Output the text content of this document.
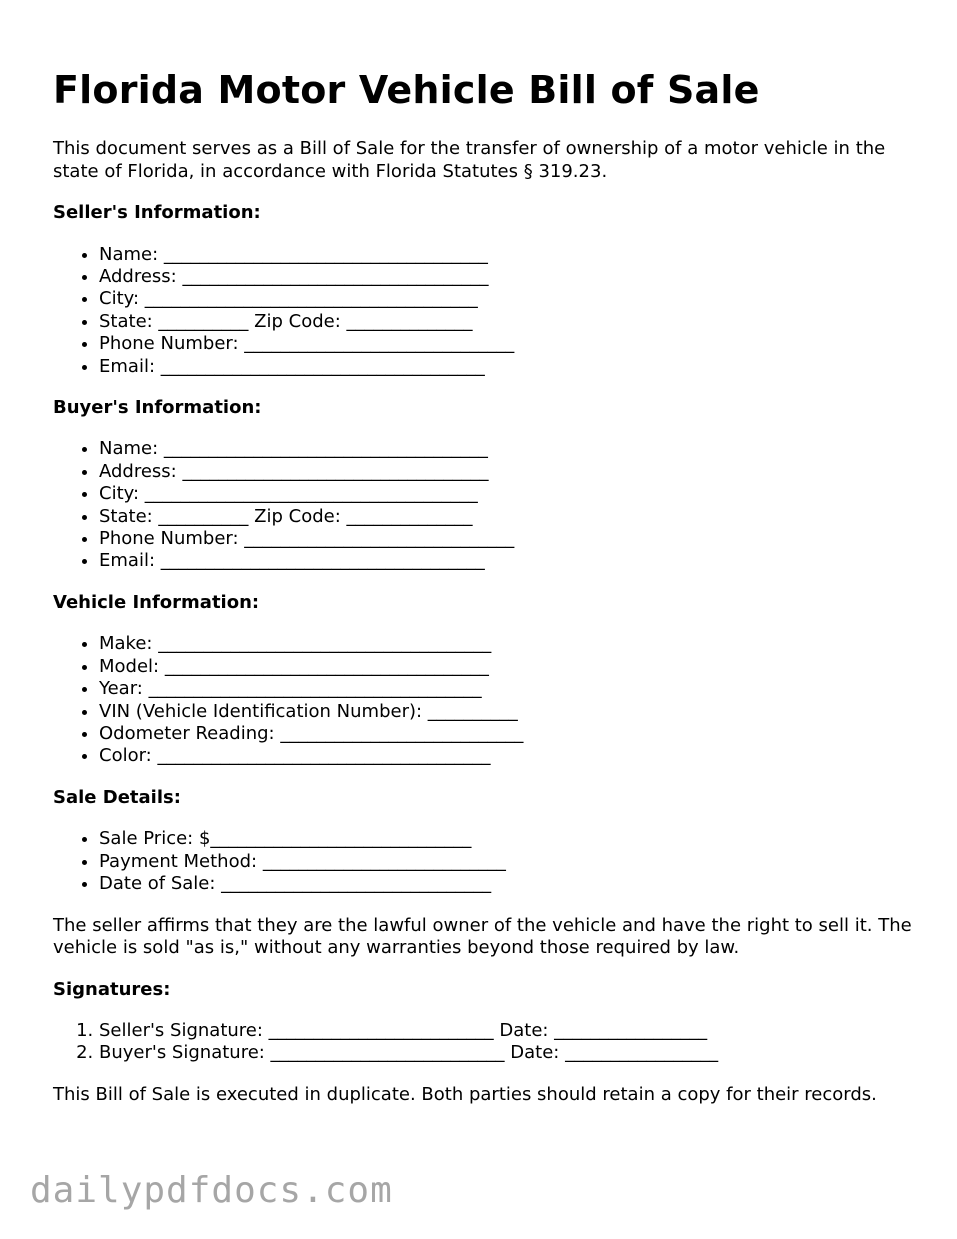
Florida Motor Vehicle Bill of Sale

This document serves as a Bill of Sale for the transfer of ownership of a motor vehicle in the state of Florida, in accordance with Florida Statutes § 319.23.

Seller's Information:
• Name: ____________________________________
• Address: __________________________________
• City: _____________________________________
• State: __________ Zip Code: ______________
• Phone Number: ______________________________
• Email: ____________________________________
Buyer's Information:
• Name: ____________________________________
• Address: __________________________________
• City: _____________________________________
• State: __________ Zip Code: ______________
• Phone Number: ______________________________
• Email: ____________________________________
Vehicle Information:
• Make: _____________________________________
• Model: ____________________________________
• Year: _____________________________________
• VIN (Vehicle Identification Number): __________
• Odometer Reading: ___________________________
• Color: _____________________________________
Sale Details:
• Sale Price: $_____________________________
• Payment Method: ___________________________
• Date of Sale: ______________________________

The seller affirms that they are the lawful owner of the vehicle and have the right to sell it. The vehicle is sold "as is," without any warranties beyond those required by law.

Signatures:
1. Seller's Signature: _________________________ Date: _________________
2. Buyer's Signature: __________________________ Date: _________________

This Bill of Sale is executed in duplicate. Both parties should retain a copy for their records.

dailypdfdocs.com
